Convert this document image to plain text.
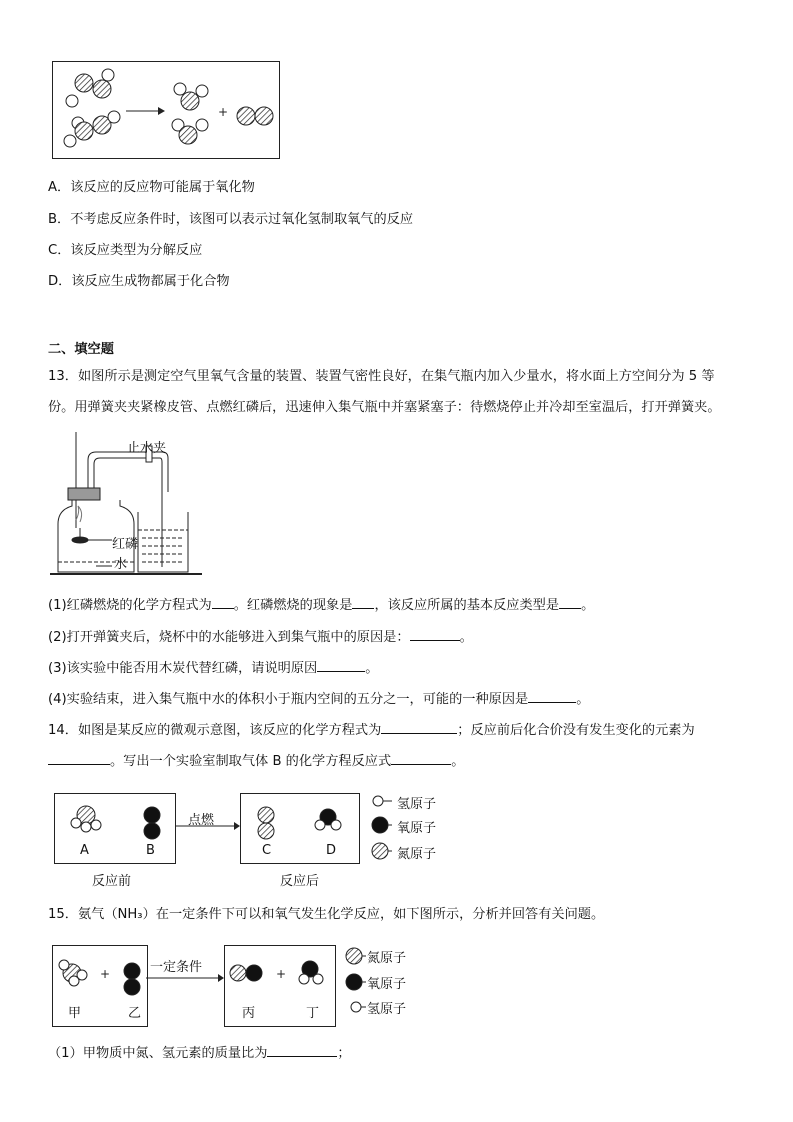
+
A．该反应的反应物可能属于氧化物
B．不考虑反应条件时，该图可以表示过氧化氢制取氧气的反应
C．该反应类型为分解反应
D．该反应生成物都属于化合物
二、填空题
13．如图所示是测定空气里氧气含量的装置、装置气密性良好，在集气瓶内加入少量水，将水面上方空间分为 5 等
份。用弹簧夹夹紧橡皮管、点燃红磷后，迅速伸入集气瓶中并塞紧塞子：待燃烧停止并冷却至室温后，打开弹簧夹。
止水夹
红磷
水
(1)红磷燃烧的化学方程式为 。红磷燃烧的现象是 ，该反应所属的基本反应类型是 。
(2)打开弹簧夹后，烧杯中的水能够进入到集气瓶中的原因是：	。
(3)该实验中能否用木炭代替红磷，请说明原因	。
(4)实验结束，进入集气瓶中水的体积小于瓶内空间的五分之一，可能的一种原因是	。
14．如图是某反应的微观示意图，该反应的化学方程式为	；反应前后化合价没有发生变化的元素为
。写出一个实验室制取气体 B 的化学方程反应式	。
点燃
A	B	C	D
反应前	反应后
氢原子
氧原子
氮原子
15．氨气（NH₃）在一定条件下可以和氧气发生化学反应，如下图所示，分析并回答有关问题。
+	+
一定条件
甲	乙	丙	丁
氮原子
氧原子
氢原子
（1）甲物质中氮、氢元素的质量比为	；
